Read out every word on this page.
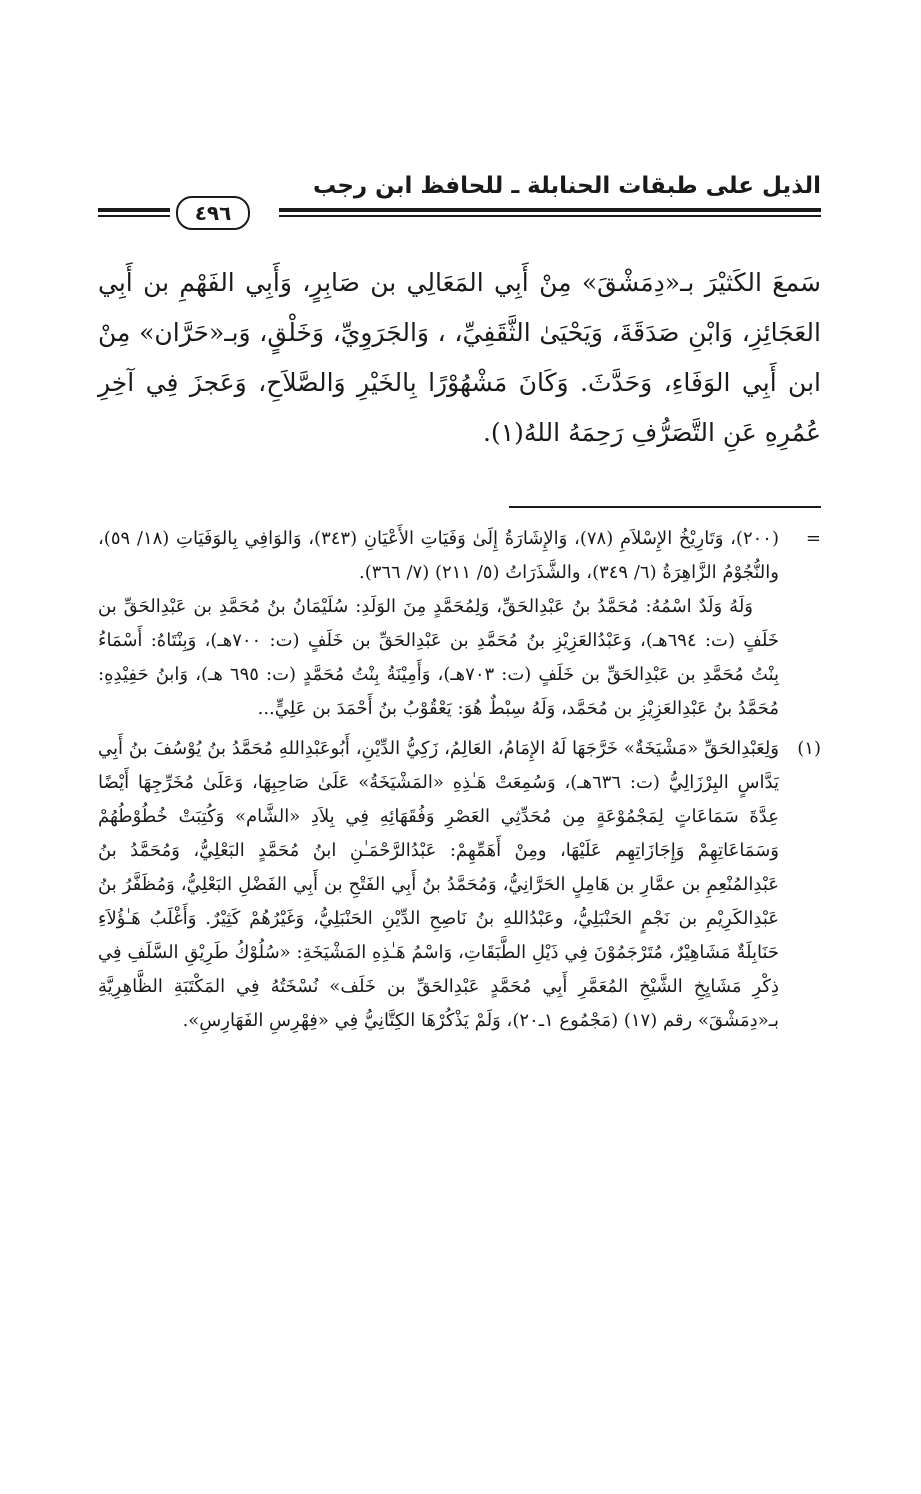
الذيل على طبقات الحنابلة ـ للحافظ ابن رجب
٤٩٦
سَمعَ الكَثيْرَ بـ«دِمَشْقَ» مِنْ أَبِي المَعَالِي بن صَابِرٍ، وَأَبِي الفَهْمِ بن أَبِي العَجَائِزِ، وَابْنِ صَدَقَةَ، وَيَحْيَىٰ الثَّقَفِيِّ، ، وَالجَرَوِيِّ، وَخَلْقٍ، وَبـ«حَرَّان» مِنْ ابن أَبِي الوَفَاءِ، وَحَدَّثَ. وَكَانَ مَشْهُوْرًا بِالخَيْرِ وَالصَّلاَحِ، وَعَجزَ فِي آخِرِ عُمُرِهِ عَنِ التَّصَرُّفِ رَحِمَهُ اللهُ(١).
=

(٢٠٠)، وَتَارِيْخُ الإِسْلاَمِ (٧٨)، وَالإِشَارَةُ إِلَىٰ وَفَيَاتِ الأَعْيَانِ (٣٤٣)، وَالوَافِي بِالوَفَيَاتِ (١٨/ ٥٩)، والنُّجُوْمُ الزَّاهِرَةُ (٦/ ٣٤٩)، والشَّذَرَاتُ (٥/ ٢١١) (٧/ ٣٦٦).

وَلَهُ وَلَدٌ اسْمُهُ: مُحَمَّدُ بنُ عَبْدِالحَقِّ، وَلِمُحَمَّدٍ مِنَ الوَلَدِ: سُلَيْمَانُ بنُ مُحَمَّدِ بن عَبْدِالحَقِّ بن خَلَفٍ (ت: ٦٩٤هـ)، وَعَبْدُالعَزِيْزِ بنُ مُحَمَّدِ بن عَبْدِالحَقِّ بن خَلَفٍ (ت: ٧٠٠هـ)، وَبِنْتَاهُ: أَسْمَاءُ بِنْتُ مُحَمَّدِ بن عَبْدِالحَقِّ بن خَلَفٍ (ت: ٧٠٣هـ)، وَأَمِيْنَةُ بِنْتُ مُحَمَّدٍ (ت: ٦٩٥ هـ)، وَابنُ حَفِيْدِهِ: مُحَمَّدُ بنُ عَبْدِالعَزِيْزِ بن مُحَمَّد، وَلَهُ سِبْطٌ هُوَ: يَعْقُوْبُ بنُ أَحْمَدَ بن عَلِيٍّ...

(١)

وَلِعَبْدِالحَقِّ «مَشْيَخَةٌ» خَرَّجَهَا لَهُ الإِمَامُ، العَالِمُ، زَكِيُّ الدِّيْنِ، أَبُوعَبْدِاللهِ مُحَمَّدُ بنُ يُوْسُفَ بنُ أَبِي يَدَّاسٍ البِرْزَالِيُّ (ت: ٦٣٦هـ)، وَسُمِعَتْ هَـٰذِهِ «المَشْيَخَةُ» عَلَىٰ صَاحِبِهَا، وَعَلَىٰ مُخَرِّجِهَا أَيْضًا عِدَّةَ سَمَاعَاتٍ لِمَجْمُوْعَةٍ مِن مُحَدِّثِي العَصْرِ وَفُقَهَائِهِ فِي بِلاَدِ «الشَّام» وَكُتِبَتْ خُطُوْطُهُمْ وَسَمَاعَاتِهِمْ وَإِجَازَاتِهِم عَلَيْهَا، ومِنْ أَهَمِّهِمْ: عَبْدُالرَّحْمَـٰنِ ابنُ مُحَمَّدٍ البَعْلِيُّ، وَمُحَمَّدُ بنُ عَبْدِالمُنْعِمِ بن عمَّارِ بن هَامِلٍ الحَرَّانِيُّ، وَمُحَمَّدُ بنُ أَبِي الفَتْحِ بن أَبِي الفَضْلِ البَعْلِيُّ، وَمُظَفَّرُ بنُ عَبْدِالكَرِيْمِ بن نَجْمٍ الحَنْبَلِيُّ، وعَبْدُاللهِ بنُ نَاصِحِ الدِّيْنِ الحَنْبَلِيُّ، وَغَيْرُهُمْ كَثِيْرٌ. وَأَغْلَبُ هَـٰؤُلاَءِ حَنَابِلَةٌ مَشَاهِيْرٌ، مُتَرْجَمُوْنَ فِي ذَيْلِ الطَّبَقَاتِ، وَاسْمُ هَـٰذِهِ المَشْيَخَةِ: «سُلُوْكُ طَرِيْقِ السَّلَفِ فِي ذِكْرِ مَشَايِخِ الشَّيْخِ المُعَمَّرِ أَبِي مُحَمَّدٍ عَبْدِالحَقِّ بن خَلَف» نُسْخَتُهُ فِي المَكْتَبَةِ الظَّاهِرِيَّةِ بـ«دِمَشْقَ» رقم (١٧) (مَجْمُوع ١ـ٢٠)، وَلَمْ يَذْكُرْهَا الكِتَّانِيُّ فِي «فِهْرِسِ الفَهَارِسِ».
